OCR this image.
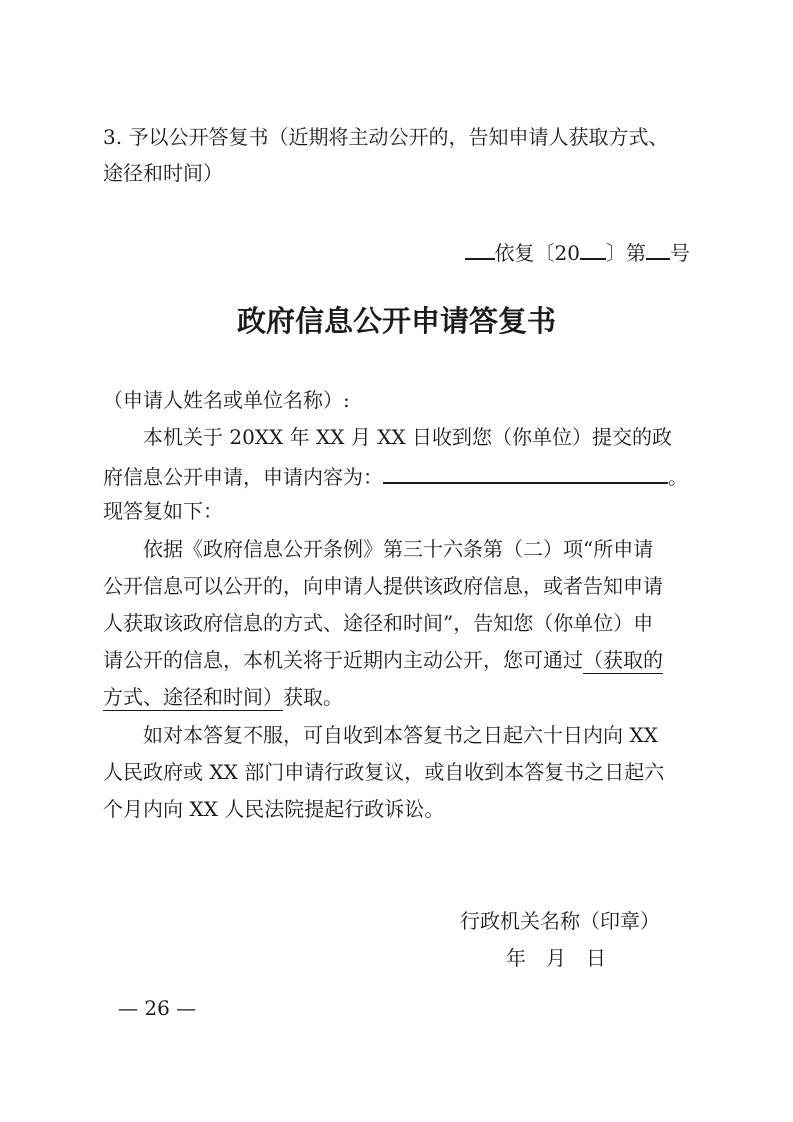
3. 予以公开答复书（近期将主动公开的，告知申请人获取方式、
途径和时间）
依复〔20 〕第 号
政府信息公开申请答复书
（申请人姓名或单位名称）:
本机关于 20XX 年 XX 月 XX 日收到您（你单位）提交的政
府信息公开申请，申请内容为：	。
现答复如下：
依据《政府信息公开条例》第三十六条第（二）项“所申请
公开信息可以公开的，向申请人提供该政府信息，或者告知申请
人获取该政府信息的方式、途径和时间”，告知您（你单位）申
请公开的信息，本机关将于近期内主动公开，您可通过（获取的
方式、途径和时间）获取。
如对本答复不服，可自收到本答复书之日起六十日内向 XX
人民政府或 XX 部门申请行政复议，或自收到本答复书之日起六
个月内向 XX 人民法院提起行政诉讼。
行政机关名称（印章）
年　月　日
— 26 —
